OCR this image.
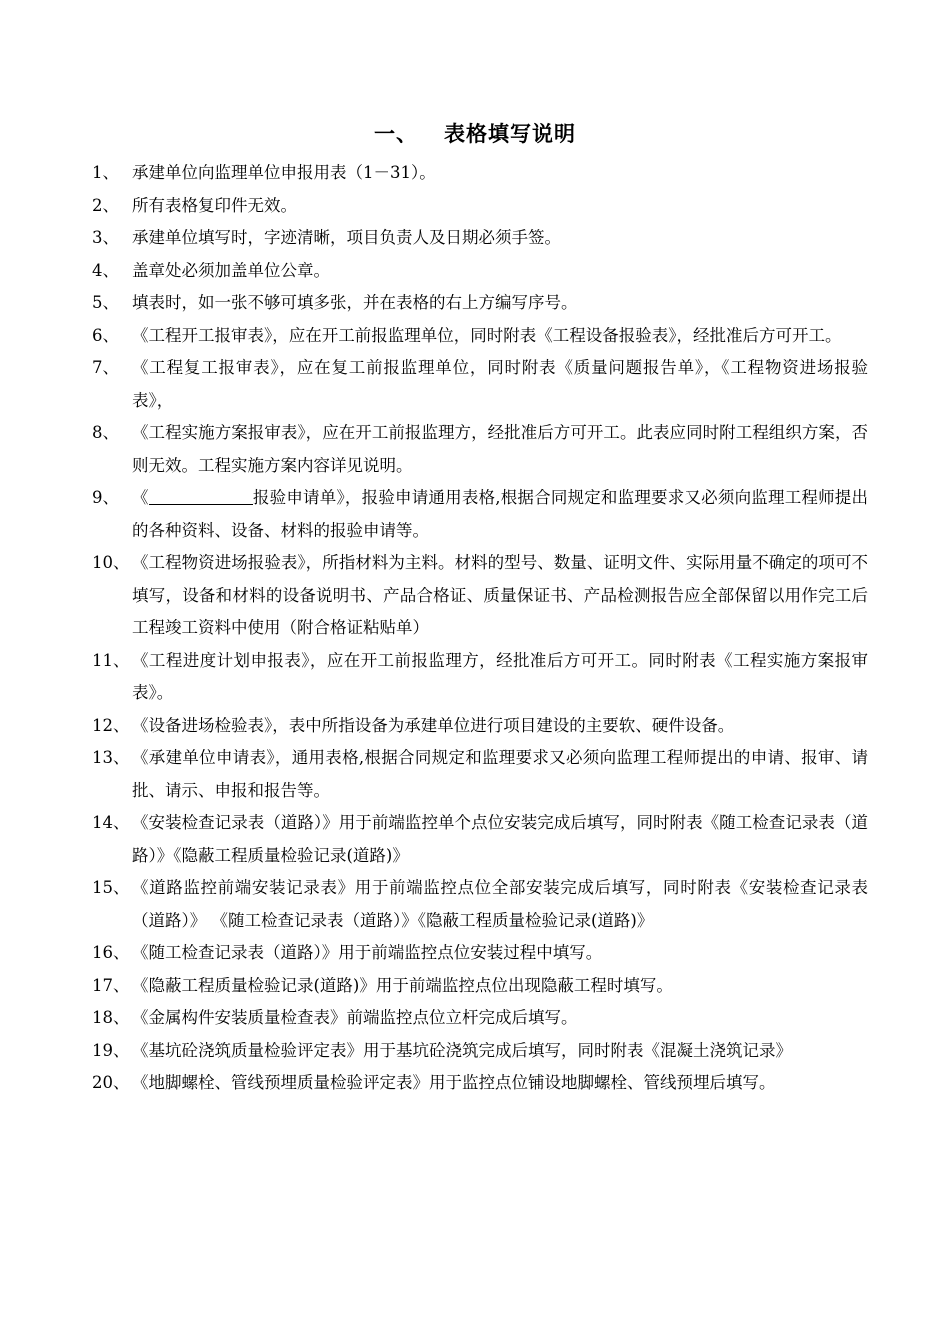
一、 表格填写说明
1、 承建单位向监理单位申报用表（1－31）。
2、 所有表格复印件无效。
3、 承建单位填写时，字迹清晰，项目负责人及日期必须手签。
4、 盖章处必须加盖单位公章。
5、 填表时，如一张不够可填多张，并在表格的右上方编写序号。
6、 《工程开工报审表》，应在开工前报监理单位，同时附表《工程设备报验表》，经批准后方可开工。
7、 《工程复工报审表》，应在复工前报监理单位，同时附表《质量问题报告单》，《工程物资进场报验表》，
8、 《工程实施方案报审表》，应在开工前报监理方，经批准后方可开工。此表应同时附工程组织方案，否则无效。工程实施方案内容详见说明。
9、 《	报验申请单》，报验申请通用表格,根据合同规定和监理要求又必须向监理工程师提出的各种资料、设备、材料的报验申请等。
10、 《工程物资进场报验表》，所指材料为主料。材料的型号、数量、证明文件、实际用量不确定的项可不填写，设备和材料的设备说明书、产品合格证、质量保证书、产品检测报告应全部保留以用作完工后工程竣工资料中使用（附合格证粘贴单）
11、 《工程进度计划申报表》，应在开工前报监理方，经批准后方可开工。同时附表《工程实施方案报审表》。
12、 《设备进场检验表》，表中所指设备为承建单位进行项目建设的主要软、硬件设备。
13、 《承建单位申请表》，通用表格,根据合同规定和监理要求又必须向监理工程师提出的申请、报审、请批、请示、申报和报告等。
14、 《安装检查记录表（道路）》用于前端监控单个点位安装完成后填写，同时附表《随工检查记录表（道路）》《隐蔽工程质量检验记录(道路)》
15、 《道路监控前端安装记录表》用于前端监控点位全部安装完成后填写，同时附表《安装检查记录表（道路）》 《随工检查记录表（道路）》《隐蔽工程质量检验记录(道路)》
16、 《随工检查记录表（道路）》用于前端监控点位安装过程中填写。
17、 《隐蔽工程质量检验记录(道路)》用于前端监控点位出现隐蔽工程时填写。
18、 《金属构件安装质量检查表》前端监控点位立杆完成后填写。
19、 《基坑砼浇筑质量检验评定表》用于基坑砼浇筑完成后填写，同时附表《混凝土浇筑记录》
20、 《地脚螺栓、管线预埋质量检验评定表》用于监控点位铺设地脚螺栓、管线预埋后填写。
